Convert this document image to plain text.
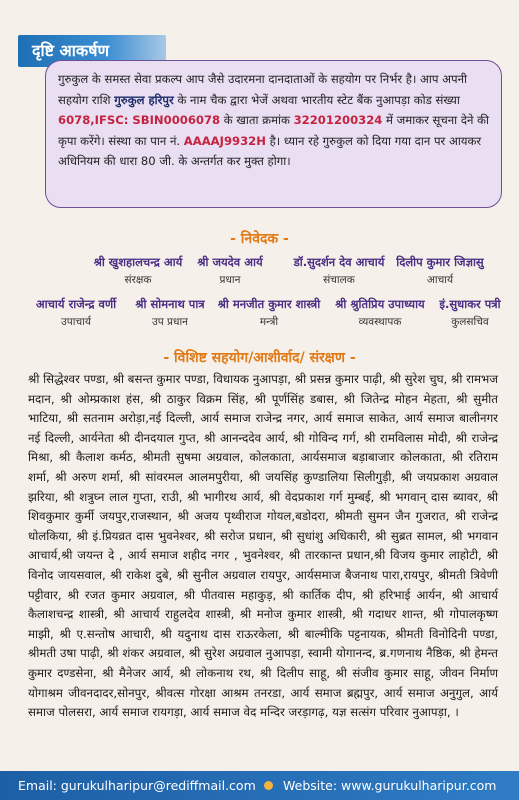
दृष्टि आकर्षण
गुरुकुल के समस्त सेवा प्रकल्प आप जैसे उदारमना दानदाताओं के सहयोग पर निर्भर है। आप अपनी सहयोग राशि गुरुकुल हरिपुर के नाम चैक द्वारा भेजें अथवा भारतीय स्टेट बैंक नुआपड़ा कोड संख्या 6078,IFSC: SBIN0006078 के खाता क्रमांक 32201200324 में जमाकर सूचना देने की कृपा करेंगे। संस्था का पान नं. AAAAJ9932H है। ध्यान रहे गुरुकुल को दिया गया दान पर आयकर अधिनियम की धारा 80 जी. के अन्तर्गत कर मुक्त होगा।
- निवेदक -
श्री खुशहालचन्द्र आर्य
संरक्षक
श्री जयदेव आर्य
प्रधान
डॉ.सुदर्शन देव आचार्य
संचालक
दिलीप कुमार जिज्ञासु
आचार्य
आचार्य राजेन्द्र वर्णी
उपाचार्य
श्री सोमनाथ पात्र
उप प्रधान
श्री मनजीत कुमार शास्त्री
मन्त्री
श्री श्रुतिप्रिय उपाध्याय
व्यवस्थापक
इं.सुधाकर पत्री
कुलसचिव
- विशिष्ट सहयोग/आशीर्वाद/ संरक्षण -
श्री सिद्धेश्वर पण्डा, श्री बसन्त कुमार पण्डा, विधायक नुआपड़ा, श्री प्रसन्न कुमार पाढ़ी, श्री सुरेश चुघ, श्री रामभज मदान, श्री ओम्प्रकाश हंस, श्री ठाकुर विक्रम सिंह, श्री पूर्णसिंह डबास, श्री जितेन्द्र मोहन मेहता, श्री सुमीत भाटिया, श्री सतनाम अरोड़ा,नई दिल्ली, आर्य समाज राजेन्द्र नगर, आर्य समाज साकेत, आर्य समाज बालीनगर नई दिल्ली, आर्यनेता श्री दीनदयाल गुप्त, श्री आनन्ददेव आर्य, श्री गोविन्द गर्ग, श्री रामविलास मोदी, श्री राजेन्द्र मिश्रा, श्री कैलाश कर्मठ, श्रीमती सुषमा अग्रवाल, कोलकाता, आर्यसमाज बड़ाबाजार कोलकाता, श्री रतिराम शर्मा, श्री अरुण शर्मा, श्री सांवरमल आलमपुरीया, श्री जयसिंह कुण्डालिया सिलीगुड़ी, श्री जयप्रकाश अग्रवाल झरिया, श्री शत्रुघ्न लाल गुप्ता, राउी, श्री भागीरथ आर्य, श्री वेदप्रकाश गर्ग मुम्बई, श्री भगवान् दास ब्यावर, श्री शिवकुमार कुर्मी जयपुर,राजस्थान, श्री अजय पृथ्वीराज गोयल,बडोदरा, श्रीमती सुमन जैन गुजरात, श्री राजेन्द्र धोलकिया, श्री इं.प्रियव्रत दास भुवनेश्वर, श्री सरोज प्रधान, श्री सुधांशु अधिकारी, श्री सुब्रत सामल, श्री भगवान आचार्य,श्री जयन्त दे , आर्य समाज शहीद नगर , भुवनेश्वर, श्री तारकान्त प्रधान,श्री विजय कुमार लाहोटी, श्री विनोद जायसवाल, श्री राकेश दुबे, श्री सुनील अग्रवाल रायपुर, आर्यसमाज बैजनाथ पारा,रायपुर, श्रीमती त्रिवेणी पट्टीवार, श्री रजत कुमार अग्रवाल, श्री पीतवास महाकुड़, श्री कार्तिक दीप, श्री हरिभाई आर्यन, श्री आचार्य कैलाशचन्द्र शास्त्री, श्री आचार्य राहुलदेव शास्त्री, श्री मनोज कुमार शास्त्री, श्री गदाधर शान्त, श्री गोपालकृष्ण माझी, श्री ए.सन्तोष आचारी, श्री यदुनाथ दास राऊरकेला, श्री बाल्मीकि पट्टनायक, श्रीमती विनोदिनी पण्डा, श्रीमती उषा पाढ़ी, श्री शंकर अग्रवाल, श्री सुरेश अग्रवाल नुआपड़ा, स्वामी योगानन्द, ब्र.गणनाथ नैष्ठिक, श्री हेमन्त कुमार दण्डसेना, श्री मैनेजर आर्य, श्री लोकनाथ रथ, श्री दिलीप साहू, श्री संजीव कुमार साहू, जीवन निर्माण योगाश्रम जीवनदादर,सोनपुर, श्रीवत्स गोरक्षा आश्रम तनरडा, आर्य समाज ब्रह्मपुर, आर्य समाज अनुगुल, आर्य समाज पोलसरा, आर्य समाज रायगड़ा, आर्य समाज वेद मन्दिर जरड़ागढ़, यज्ञ सत्संग परिवार नुआपड़ा, ।
Email: gurukulharipur@rediffmail.com Website: www.gurukulharipur.com
